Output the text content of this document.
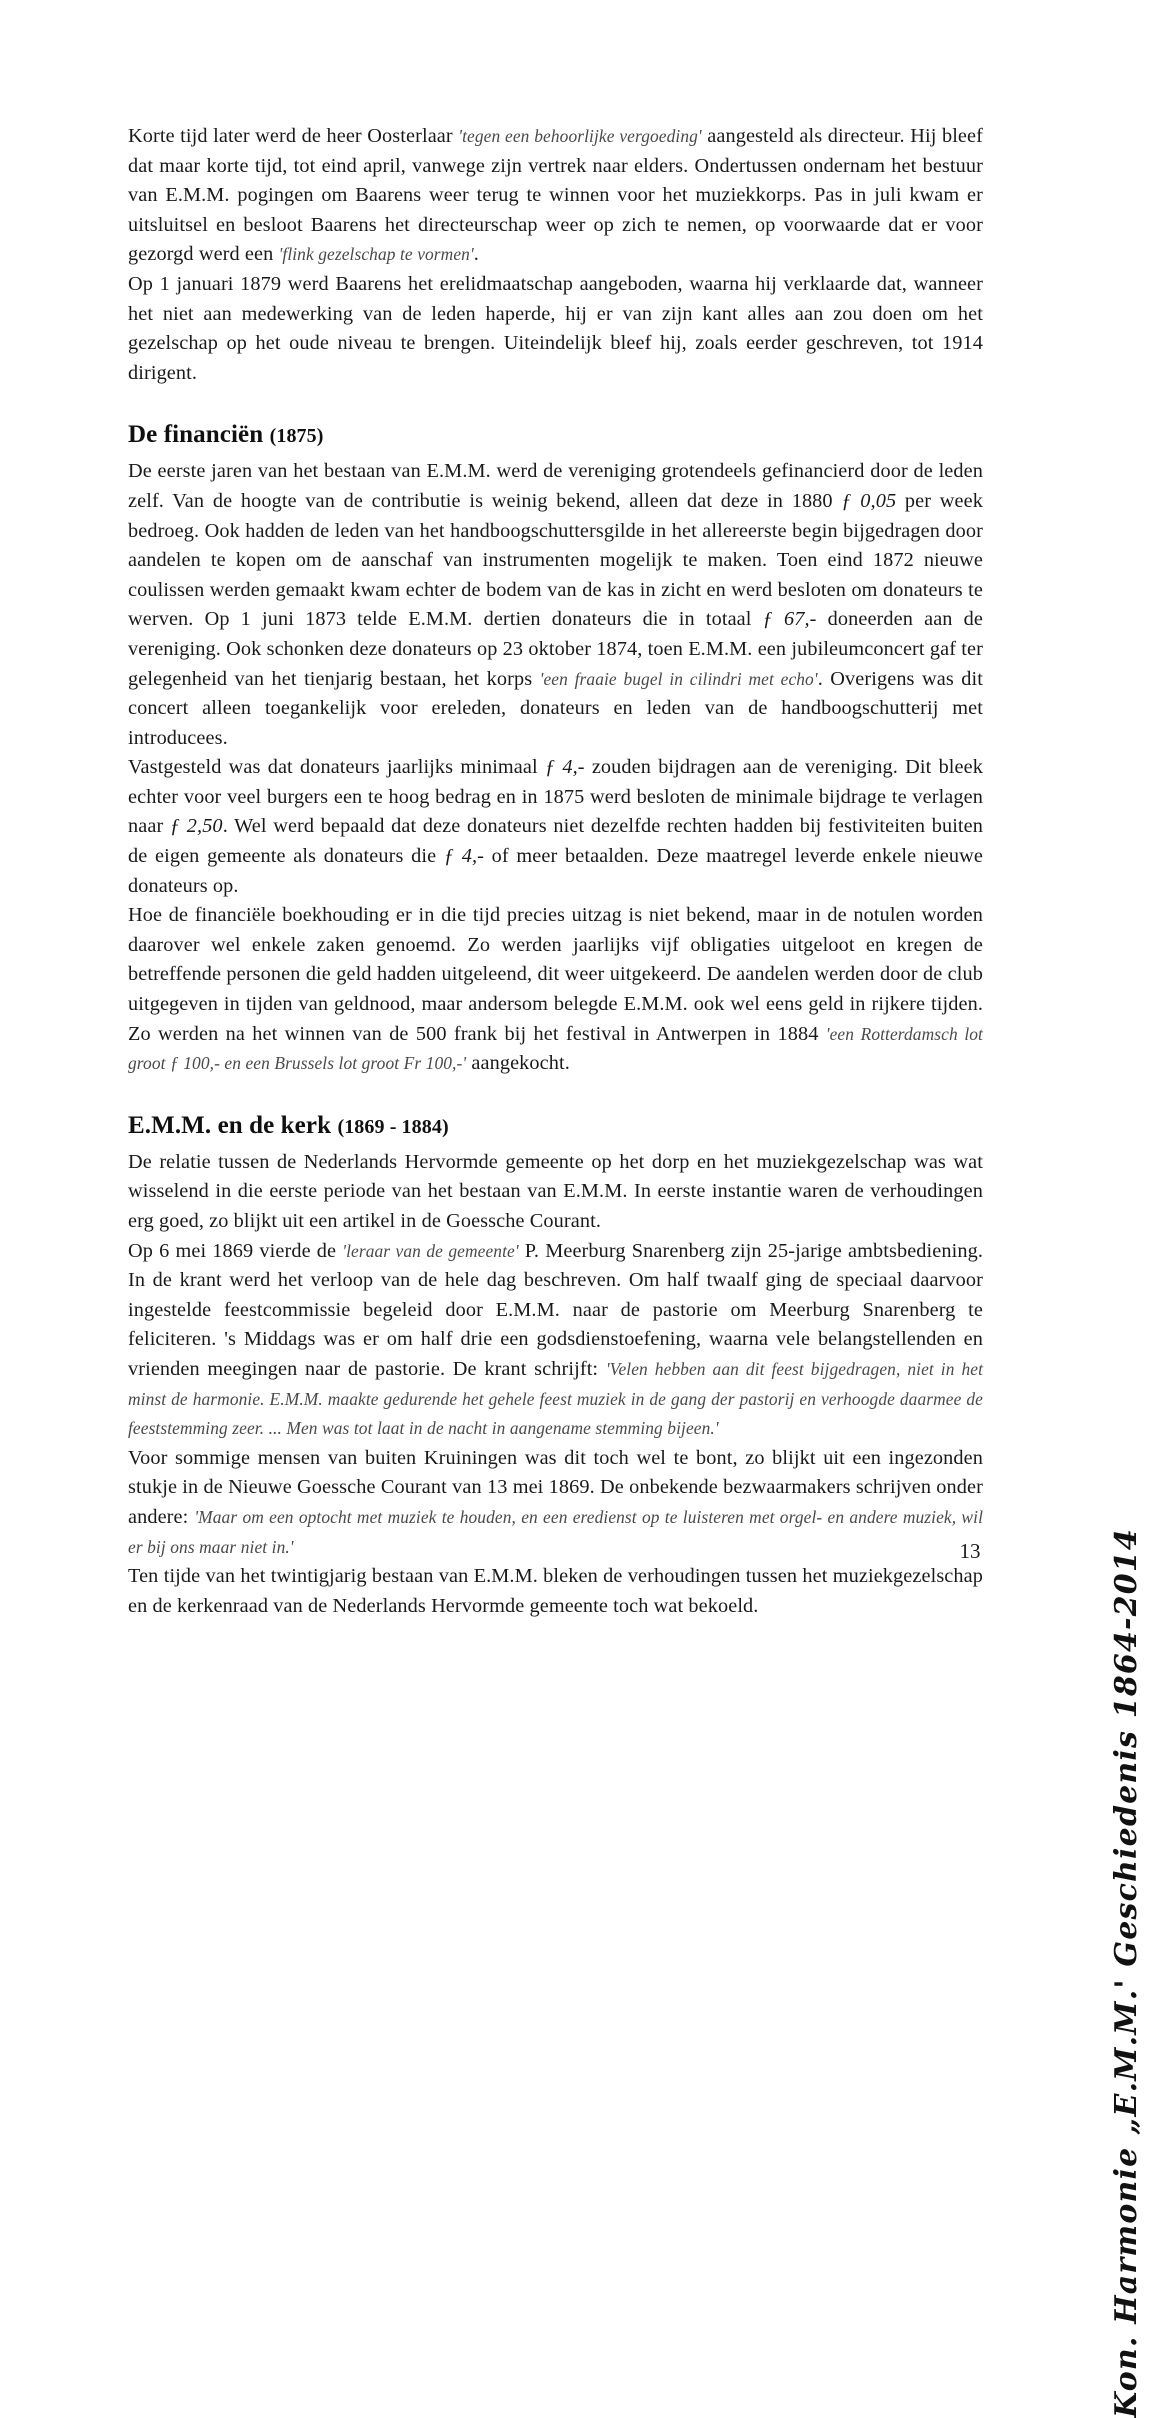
Korte tijd later werd de heer Oosterlaar 'tegen een behoorlijke vergoeding' aangesteld als directeur. Hij bleef dat maar korte tijd, tot eind april, vanwege zijn vertrek naar elders. Ondertussen ondernam het bestuur van E.M.M. pogingen om Baarens weer terug te winnen voor het muziekkorps. Pas in juli kwam er uitsluitsel en besloot Baarens het directeurschap weer op zich te nemen, op voorwaarde dat er voor gezorgd werd een 'flink gezelschap te vormen'.

Op 1 januari 1879 werd Baarens het erelidmaatschap aangeboden, waarna hij verklaarde dat, wanneer het niet aan medewerking van de leden haperde, hij er van zijn kant alles aan zou doen om het gezelschap op het oude niveau te brengen. Uiteindelijk bleef hij, zoals eerder geschreven, tot 1914 dirigent.

De financiën (1875)

De eerste jaren van het bestaan van E.M.M. werd de vereniging grotendeels gefinancierd door de leden zelf. Van de hoogte van de contributie is weinig bekend, alleen dat deze in 1880 ƒ 0,05 per week bedroeg. Ook hadden de leden van het handboogschuttersgilde in het allereerste begin bijgedragen door aandelen te kopen om de aanschaf van instrumenten mogelijk te maken. Toen eind 1872 nieuwe coulissen werden gemaakt kwam echter de bodem van de kas in zicht en werd besloten om donateurs te werven. Op 1 juni 1873 telde E.M.M. dertien donateurs die in totaal ƒ 67,- doneerden aan de vereniging. Ook schonken deze donateurs op 23 oktober 1874, toen E.M.M. een jubileumconcert gaf ter gelegenheid van het tienjarig bestaan, het korps 'een fraaie bugel in cilindri met echo'. Overigens was dit concert alleen toegankelijk voor ereleden, donateurs en leden van de handboogschutterij met introducees.

Vastgesteld was dat donateurs jaarlijks minimaal ƒ 4,- zouden bijdragen aan de vereniging. Dit bleek echter voor veel burgers een te hoog bedrag en in 1875 werd besloten de minimale bijdrage te verlagen naar ƒ 2,50. Wel werd bepaald dat deze donateurs niet dezelfde rechten hadden bij festiviteiten buiten de eigen gemeente als donateurs die ƒ 4,- of meer betaalden. Deze maatregel leverde enkele nieuwe donateurs op.

Hoe de financiële boekhouding er in die tijd precies uitzag is niet bekend, maar in de notulen worden daarover wel enkele zaken genoemd. Zo werden jaarlijks vijf obligaties uitgeloot en kregen de betreffende personen die geld hadden uitgeleend, dit weer uitgekeerd. De aandelen werden door de club uitgegeven in tijden van geldnood, maar andersom belegde E.M.M. ook wel eens geld in rijkere tijden. Zo werden na het winnen van de 500 frank bij het festival in Antwerpen in 1884 'een Rotterdamsch lot groot ƒ 100,- en een Brussels lot groot Fr 100,-' aangekocht.

E.M.M. en de kerk (1869 - 1884)

De relatie tussen de Nederlands Hervormde gemeente op het dorp en het muziekgezelschap was wat wisselend in die eerste periode van het bestaan van E.M.M. In eerste instantie waren de verhoudingen erg goed, zo blijkt uit een artikel in de Goessche Courant.

Op 6 mei 1869 vierde de 'leraar van de gemeente' P. Meerburg Snarenberg zijn 25-jarige ambtsbediening. In de krant werd het verloop van de hele dag beschreven. Om half twaalf ging de speciaal daarvoor ingestelde feestcommissie begeleid door E.M.M. naar de pastorie om Meerburg Snarenberg te feliciteren. 's Middags was er om half drie een godsdienstoefening, waarna vele belangstellenden en vrienden meegingen naar de pastorie. De krant schrijft: 'Velen hebben aan dit feest bijgedragen, niet in het minst de harmonie. E.M.M. maakte gedurende het gehele feest muziek in de gang der pastorij en verhoogde daarmee de feeststemming zeer. ... Men was tot laat in de nacht in aangename stemming bijeen.'

Voor sommige mensen van buiten Kruiningen was dit toch wel te bont, zo blijkt uit een ingezonden stukje in de Nieuwe Goessche Courant van 13 mei 1869. De onbekende bezwaarmakers schrijven onder andere: 'Maar om een optocht met muziek te houden, en een eredienst op te luisteren met orgel- en andere muziek, wil er bij ons maar niet in.'

Ten tijde van het twintigjarig bestaan van E.M.M. bleken de verhoudingen tussen het muziekgezelschap en de kerkenraad van de Nederlands Hervormde gemeente toch wat bekoeld.	Kon. Harmonie „E.M.M.' Geschiedenis 1864-2014
13
